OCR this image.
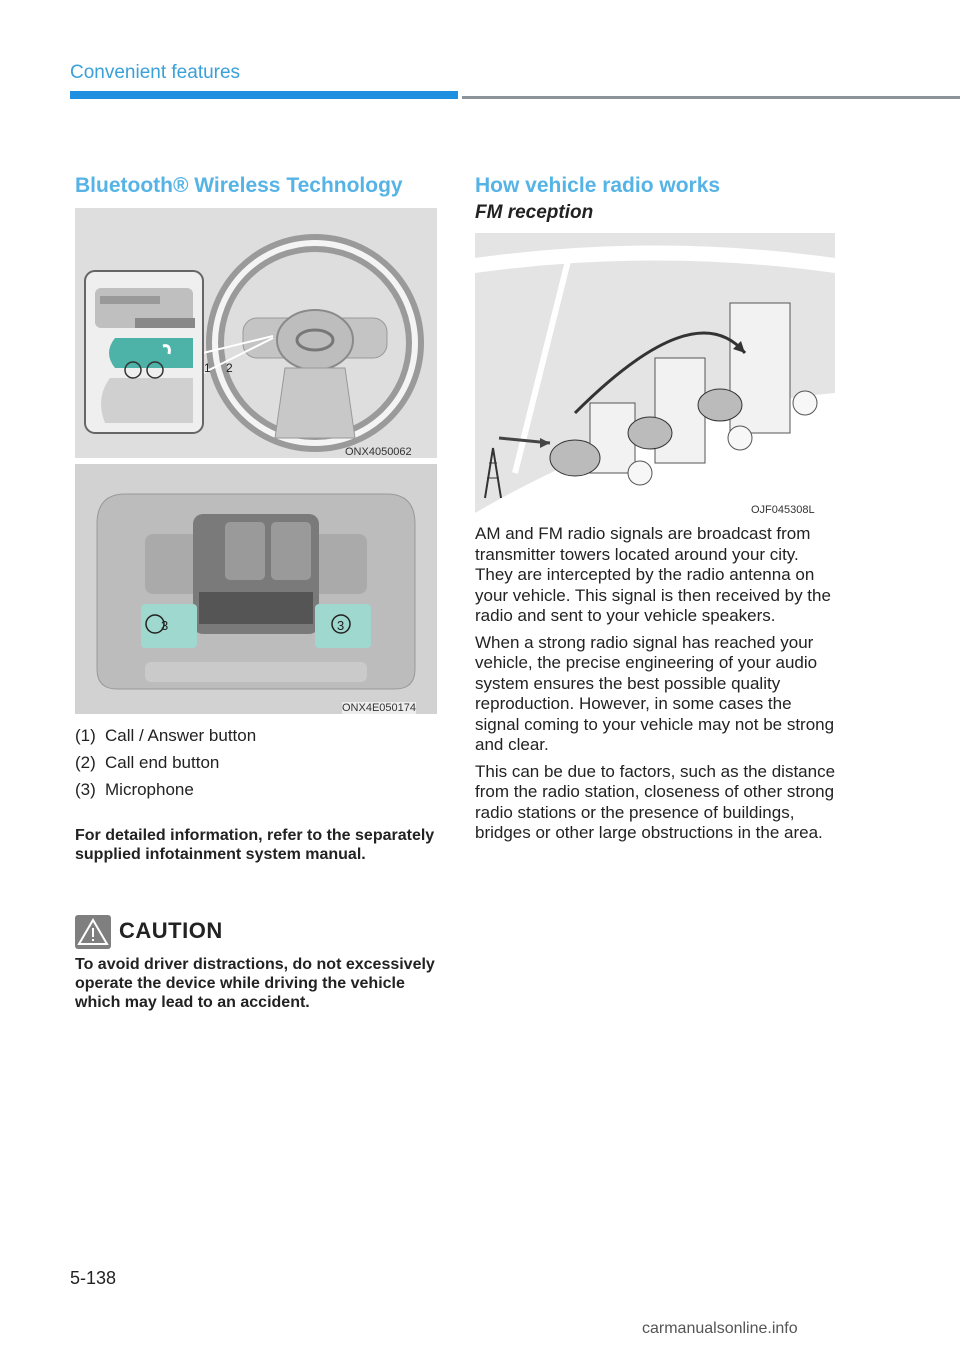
Convenient features
Bluetooth® Wireless Technology
1 2
ONX4050062
3	3
ONX4E050174
(1) Call / Answer button
(2) Call end button
(3) Microphone
For detailed information, refer to the separately supplied infotainment system manual.
CAUTION
To avoid driver distractions, do not excessively operate the device while driving the vehicle which may lead to an accident.
How vehicle radio works
FM reception
OJF045308L

AM and FM radio signals are broadcast from transmitter towers located around your city. They are intercepted by the radio antenna on your vehicle. This signal is then received by the radio and sent to your vehicle speakers.

When a strong radio signal has reached your vehicle, the precise engineering of your audio system ensures the best possible quality reproduction. However, in some cases the signal coming to your vehicle may not be strong and clear.

This can be due to factors, such as the distance from the radio station, closeness of other strong radio stations or the presence of buildings, bridges or other large obstructions in the area.

5-138
carmanualsonline.info
